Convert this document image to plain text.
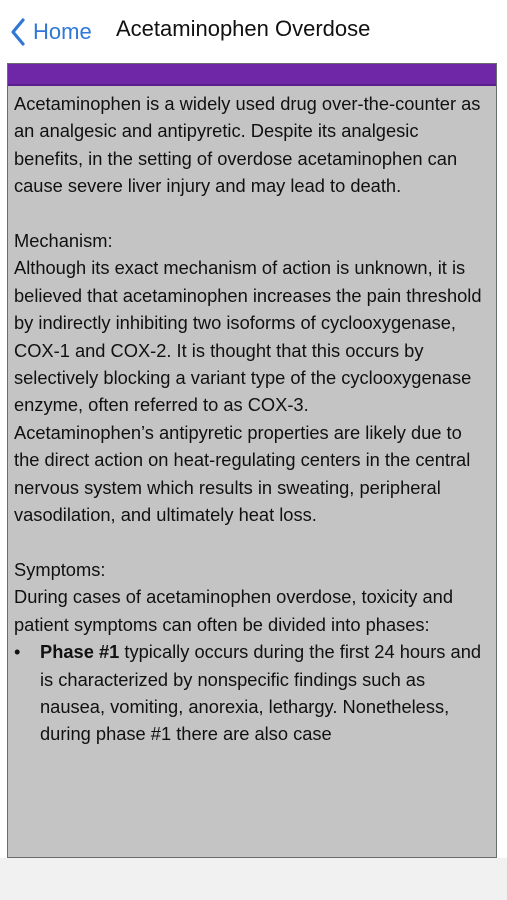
Home Acetaminophen Overdose

Acetaminophen is a widely used drug over-the-counter as an analgesic and antipyretic. Despite its analgesic benefits, in the setting of overdose acetaminophen can cause severe liver injury and may lead to death.

Mechanism:

Although its exact mechanism of action is unknown, it is believed that acetaminophen increases the pain threshold by indirectly inhibiting two isoforms of cyclooxygenase, COX-1 and COX-2. It is thought that this occurs by selectively blocking a variant type of the cyclooxygenase enzyme, often referred to as COX-3.

Acetaminophen’s antipyretic properties are likely due to the direct action on heat-regulating centers in the central nervous system which results in sweating, peripheral vasodilation, and ultimately heat loss.

Symptoms:

During cases of acetaminophen overdose, toxicity and patient symptoms can often be divided into phases:

• Phase #1 typically occurs during the first 24 hours and is characterized by nonspecific findings such as nausea, vomiting, anorexia, lethargy. Nonetheless, during phase #1 there are also case
